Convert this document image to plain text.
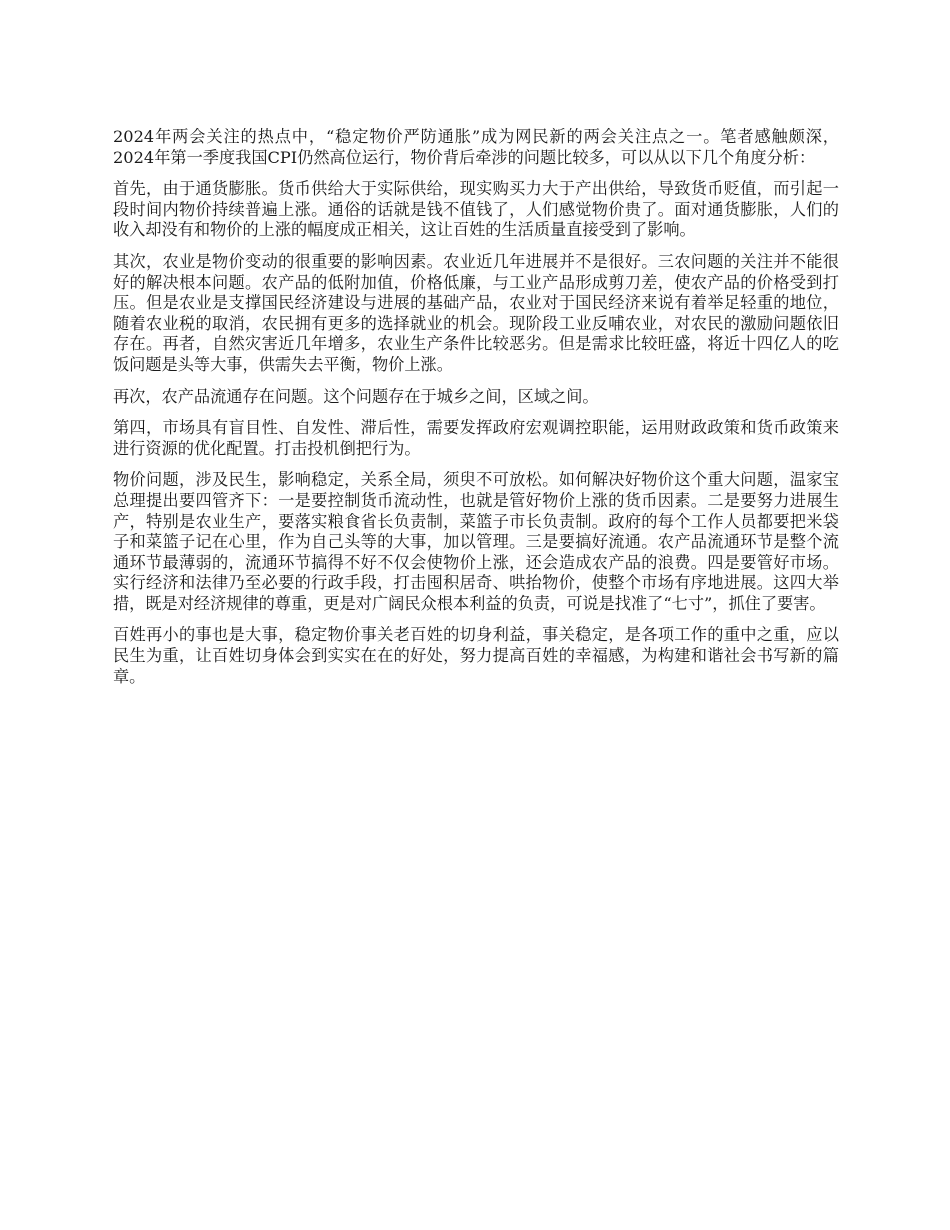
2024年两会关注的热点中，“稳定物价严防通胀”成为网民新的两会关注点之一。笔者感触颇深，2024年第一季度我国CPI仍然高位运行，物价背后牵涉的问题比较多，可以从以下几个角度分析：

首先，由于通货膨胀。货币供给大于实际供给，现实购买力大于产出供给，导致货币贬值，而引起一段时间内物价持续普遍上涨。通俗的话就是钱不值钱了，人们感觉物价贵了。面对通货膨胀，人们的收入却没有和物价的上涨的幅度成正相关，这让百姓的生活质量直接受到了影响。

其次，农业是物价变动的很重要的影响因素。农业近几年进展并不是很好。三农问题的关注并不能很好的解决根本问题。农产品的低附加值，价格低廉，与工业产品形成剪刀差，使农产品的价格受到打压。但是农业是支撑国民经济建设与进展的基础产品，农业对于国民经济来说有着举足轻重的地位，随着农业税的取消，农民拥有更多的选择就业的机会。现阶段工业反哺农业，对农民的激励问题依旧存在。再者，自然灾害近几年增多，农业生产条件比较恶劣。但是需求比较旺盛，将近十四亿人的吃饭问题是头等大事，供需失去平衡，物价上涨。

再次，农产品流通存在问题。这个问题存在于城乡之间，区域之间。

第四，市场具有盲目性、自发性、滞后性，需要发挥政府宏观调控职能，运用财政政策和货币政策来进行资源的优化配置。打击投机倒把行为。

物价问题，涉及民生，影响稳定，关系全局，须臾不可放松。如何解决好物价这个重大问题，温家宝总理提出要四管齐下：一是要控制货币流动性，也就是管好物价上涨的货币因素。二是要努力进展生产，特别是农业生产，要落实粮食省长负责制，菜篮子市长负责制。政府的每个工作人员都要把米袋子和菜篮子记在心里，作为自己头等的大事，加以管理。三是要搞好流通。农产品流通环节是整个流通环节最薄弱的，流通环节搞得不好不仅会使物价上涨，还会造成农产品的浪费。四是要管好市场。实行经济和法律乃至必要的行政手段，打击囤积居奇、哄抬物价，使整个市场有序地进展。这四大举措，既是对经济规律的尊重，更是对广阔民众根本利益的负责，可说是找准了“七寸”，抓住了要害。

百姓再小的事也是大事，稳定物价事关老百姓的切身利益，事关稳定，是各项工作的重中之重，应以民生为重，让百姓切身体会到实实在在的好处，努力提高百姓的幸福感，为构建和谐社会书写新的篇章。
